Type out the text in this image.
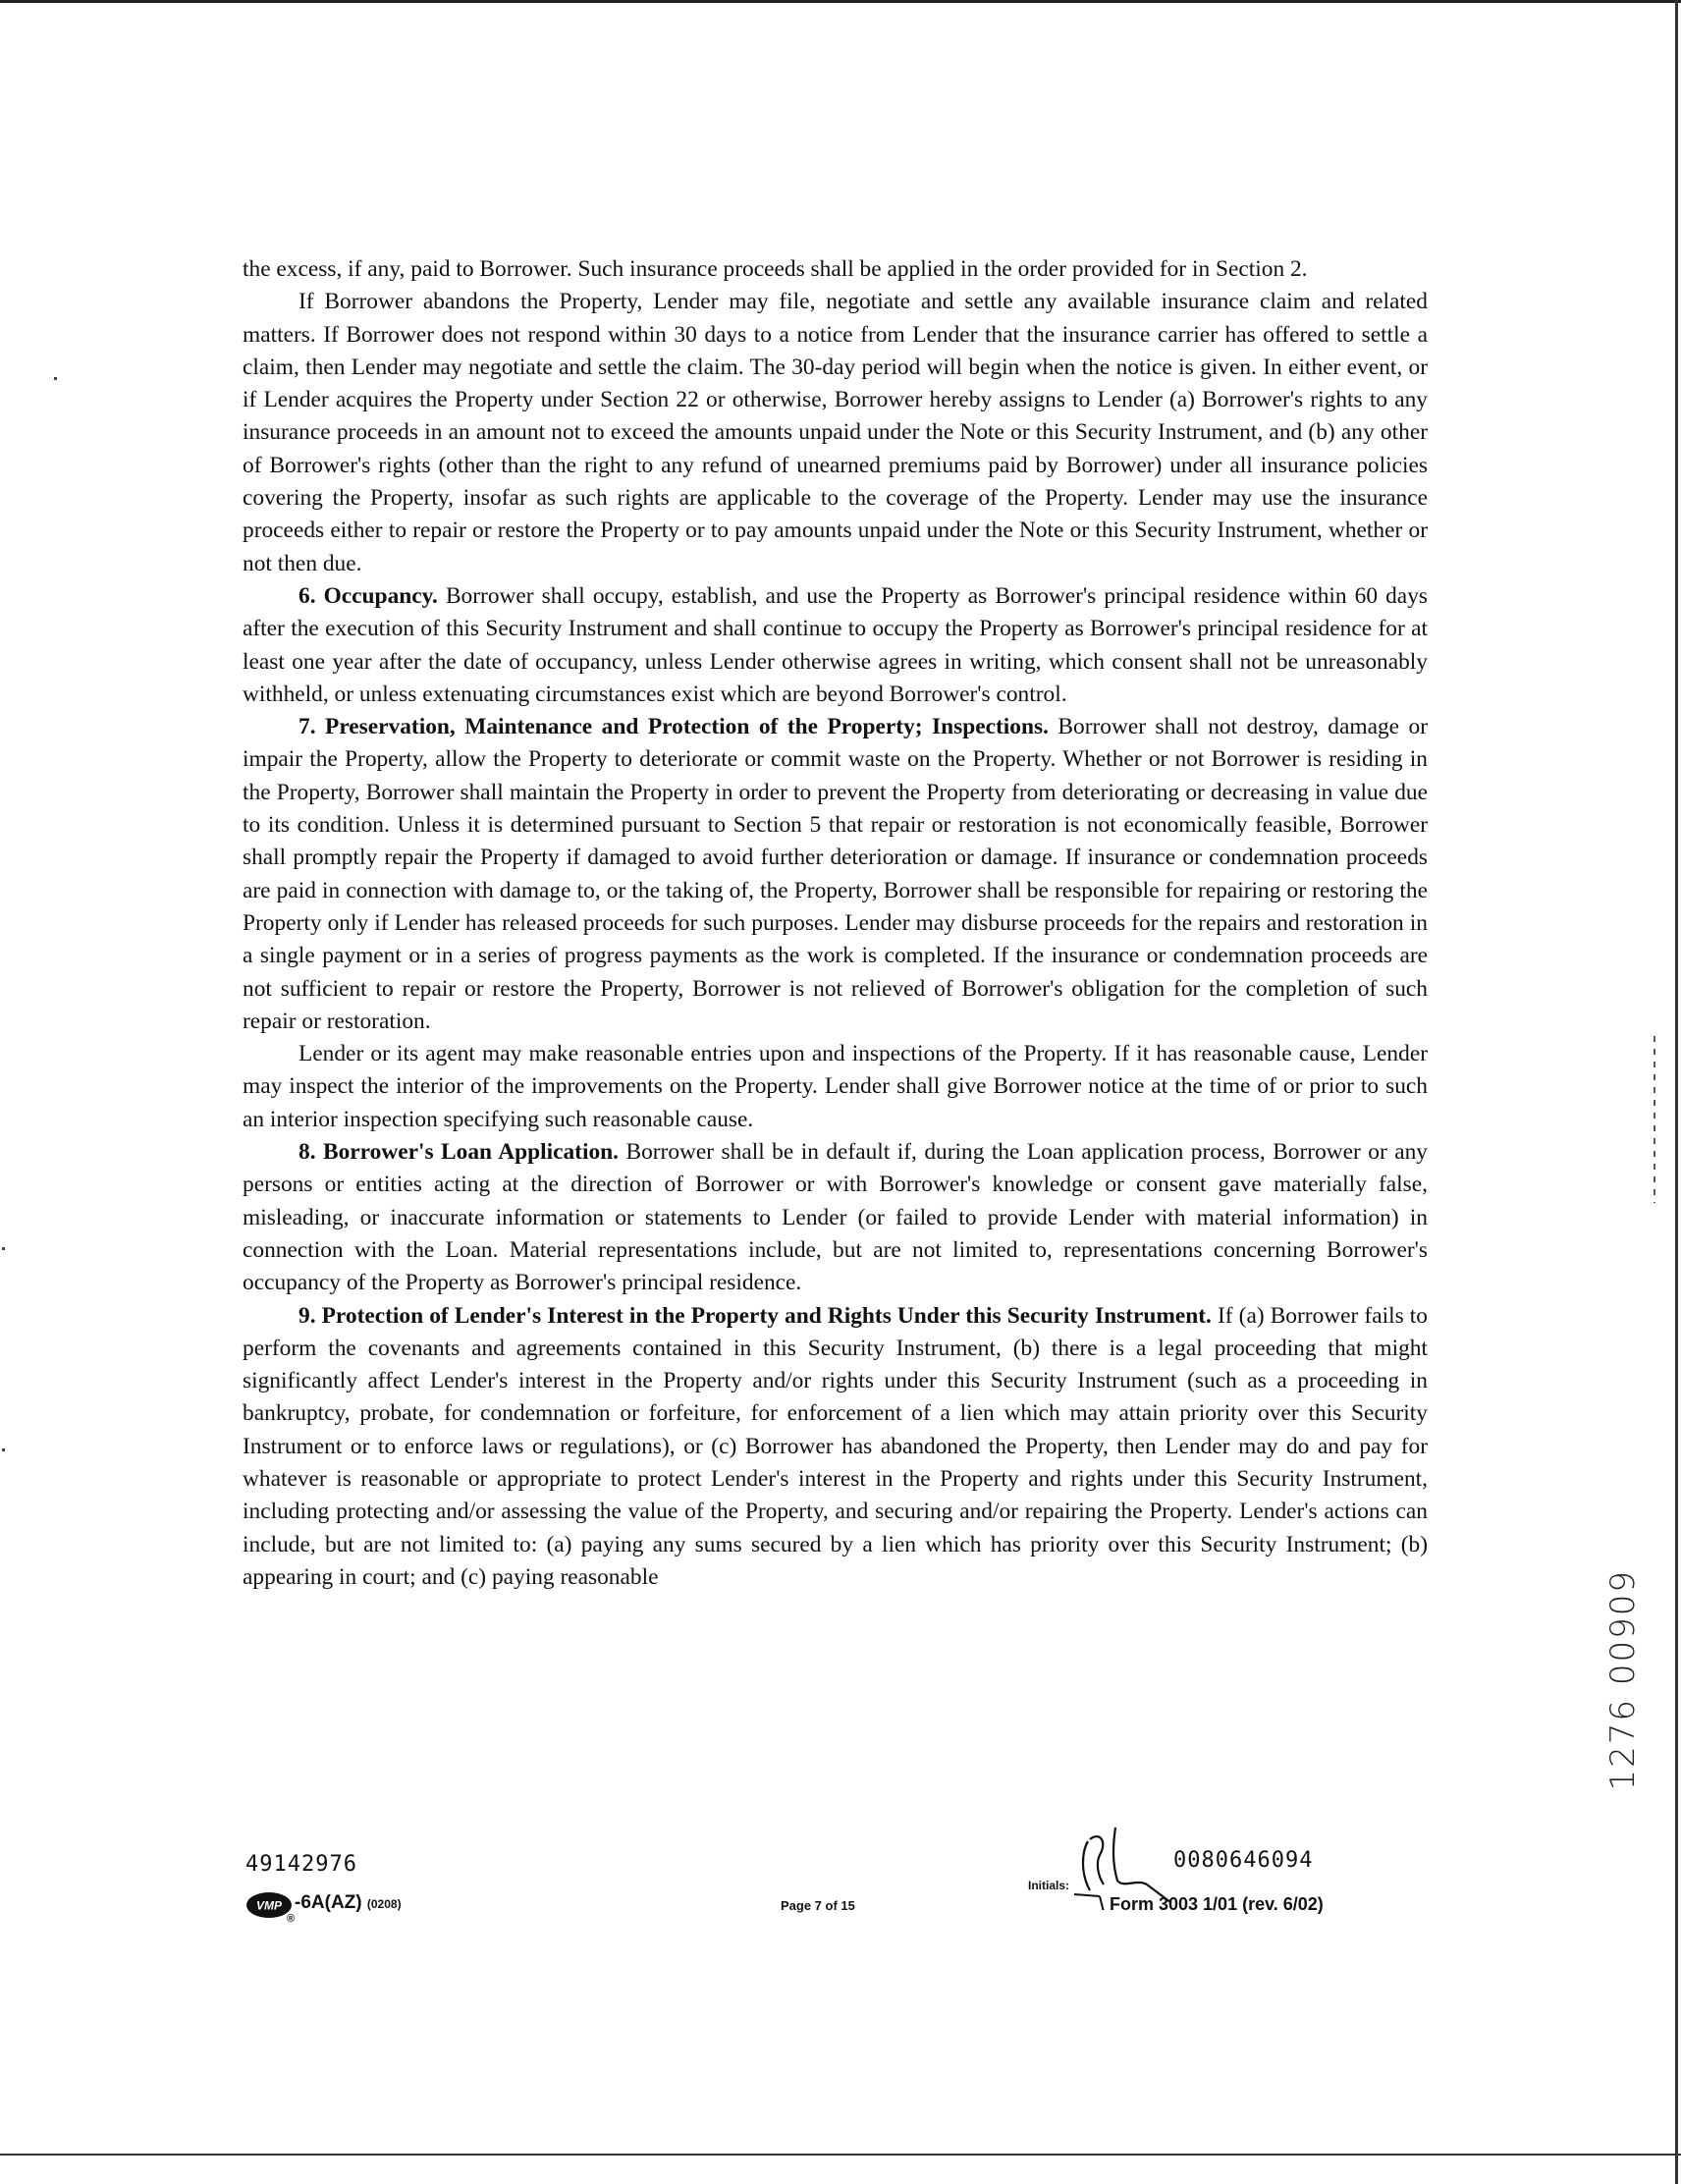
the excess, if any, paid to Borrower. Such insurance proceeds shall be applied in the order provided for in Section 2.

If Borrower abandons the Property, Lender may file, negotiate and settle any available insurance claim and related matters. If Borrower does not respond within 30 days to a notice from Lender that the insurance carrier has offered to settle a claim, then Lender may negotiate and settle the claim. The 30-day period will begin when the notice is given. In either event, or if Lender acquires the Property under Section 22 or otherwise, Borrower hereby assigns to Lender (a) Borrower's rights to any insurance proceeds in an amount not to exceed the amounts unpaid under the Note or this Security Instrument, and (b) any other of Borrower's rights (other than the right to any refund of unearned premiums paid by Borrower) under all insurance policies covering the Property, insofar as such rights are applicable to the coverage of the Property. Lender may use the insurance proceeds either to repair or restore the Property or to pay amounts unpaid under the Note or this Security Instrument, whether or not then due.

6. Occupancy. Borrower shall occupy, establish, and use the Property as Borrower's principal residence within 60 days after the execution of this Security Instrument and shall continue to occupy the Property as Borrower's principal residence for at least one year after the date of occupancy, unless Lender otherwise agrees in writing, which consent shall not be unreasonably withheld, or unless extenuating circumstances exist which are beyond Borrower's control.

7. Preservation, Maintenance and Protection of the Property; Inspections. Borrower shall not destroy, damage or impair the Property, allow the Property to deteriorate or commit waste on the Property. Whether or not Borrower is residing in the Property, Borrower shall maintain the Property in order to prevent the Property from deteriorating or decreasing in value due to its condition. Unless it is determined pursuant to Section 5 that repair or restoration is not economically feasible, Borrower shall promptly repair the Property if damaged to avoid further deterioration or damage. If insurance or condemnation proceeds are paid in connection with damage to, or the taking of, the Property, Borrower shall be responsible for repairing or restoring the Property only if Lender has released proceeds for such purposes. Lender may disburse proceeds for the repairs and restoration in a single payment or in a series of progress payments as the work is completed. If the insurance or condemnation proceeds are not sufficient to repair or restore the Property, Borrower is not relieved of Borrower's obligation for the completion of such repair or restoration.

Lender or its agent may make reasonable entries upon and inspections of the Property. If it has reasonable cause, Lender may inspect the interior of the improvements on the Property. Lender shall give Borrower notice at the time of or prior to such an interior inspection specifying such reasonable cause.

8. Borrower's Loan Application. Borrower shall be in default if, during the Loan application process, Borrower or any persons or entities acting at the direction of Borrower or with Borrower's knowledge or consent gave materially false, misleading, or inaccurate information or statements to Lender (or failed to provide Lender with material information) in connection with the Loan. Material representations include, but are not limited to, representations concerning Borrower's occupancy of the Property as Borrower's principal residence.

9. Protection of Lender's Interest in the Property and Rights Under this Security Instrument. If (a) Borrower fails to perform the covenants and agreements contained in this Security Instrument, (b) there is a legal proceeding that might significantly affect Lender's interest in the Property and/or rights under this Security Instrument (such as a proceeding in bankruptcy, probate, for condemnation or forfeiture, for enforcement of a lien which may attain priority over this Security Instrument or to enforce laws or regulations), or (c) Borrower has abandoned the Property, then Lender may do and pay for whatever is reasonable or appropriate to protect Lender's interest in the Property and rights under this Security Instrument, including protecting and/or assessing the value of the Property, and securing and/or repairing the Property. Lender's actions can include, but are not limited to: (a) paying any sums secured by a lien which has priority over this Security Instrument; (b) appearing in court; and (c) paying reasonable	1276 00909
49142976	0080646094
Initials:
VMP
®
-6A(AZ) (0208)	Page 7 of 15	Form 3003 1/01 (rev. 6/02)
